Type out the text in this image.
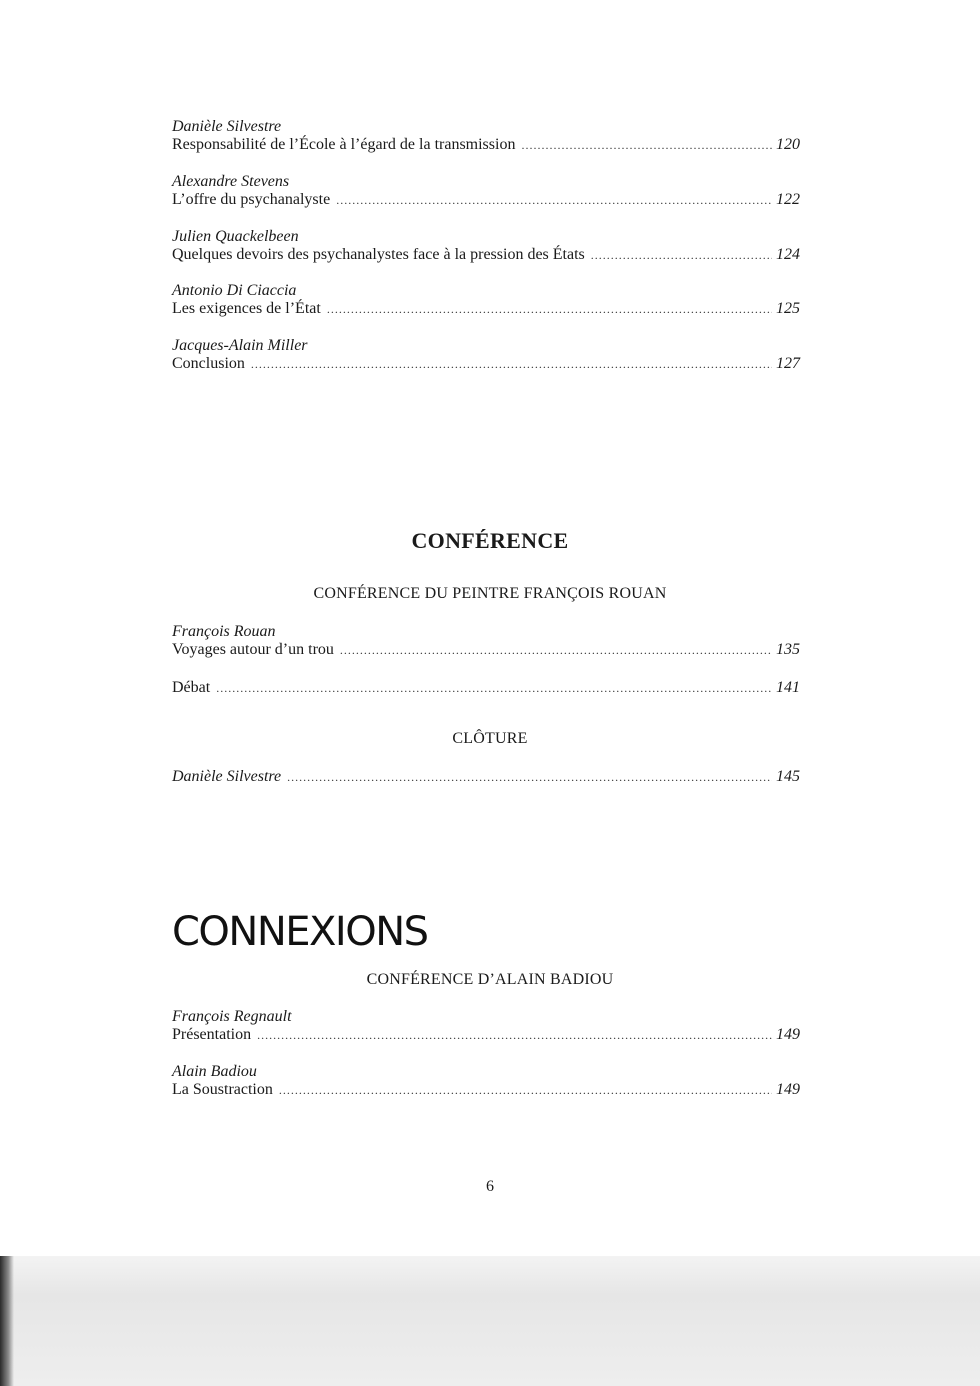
Danièle Silvestre
Responsabilité de l’École à l’égard de la transmission .....	120
Alexandre Stevens
L’offre du psychanalyste .....	122
Julien Quackelbeen
Quelques devoirs des psychanalystes face à la pression des États .....	124
Antonio Di Ciaccia
Les exigences de l’État .....	125
Jacques-Alain Miller
Conclusion .....	127
CONFÉRENCE
CONFÉRENCE DU PEINTRE FRANÇOIS ROUAN
François Rouan
Voyages autour d’un trou .....	135
Débat .....	141
CLÔTURE
Danièle Silvestre .....	145
CONNEXIONS
CONFÉRENCE D’ALAIN BADIOU
François Regnault
Présentation .....	149
Alain Badiou
La Soustraction .....	149
6
